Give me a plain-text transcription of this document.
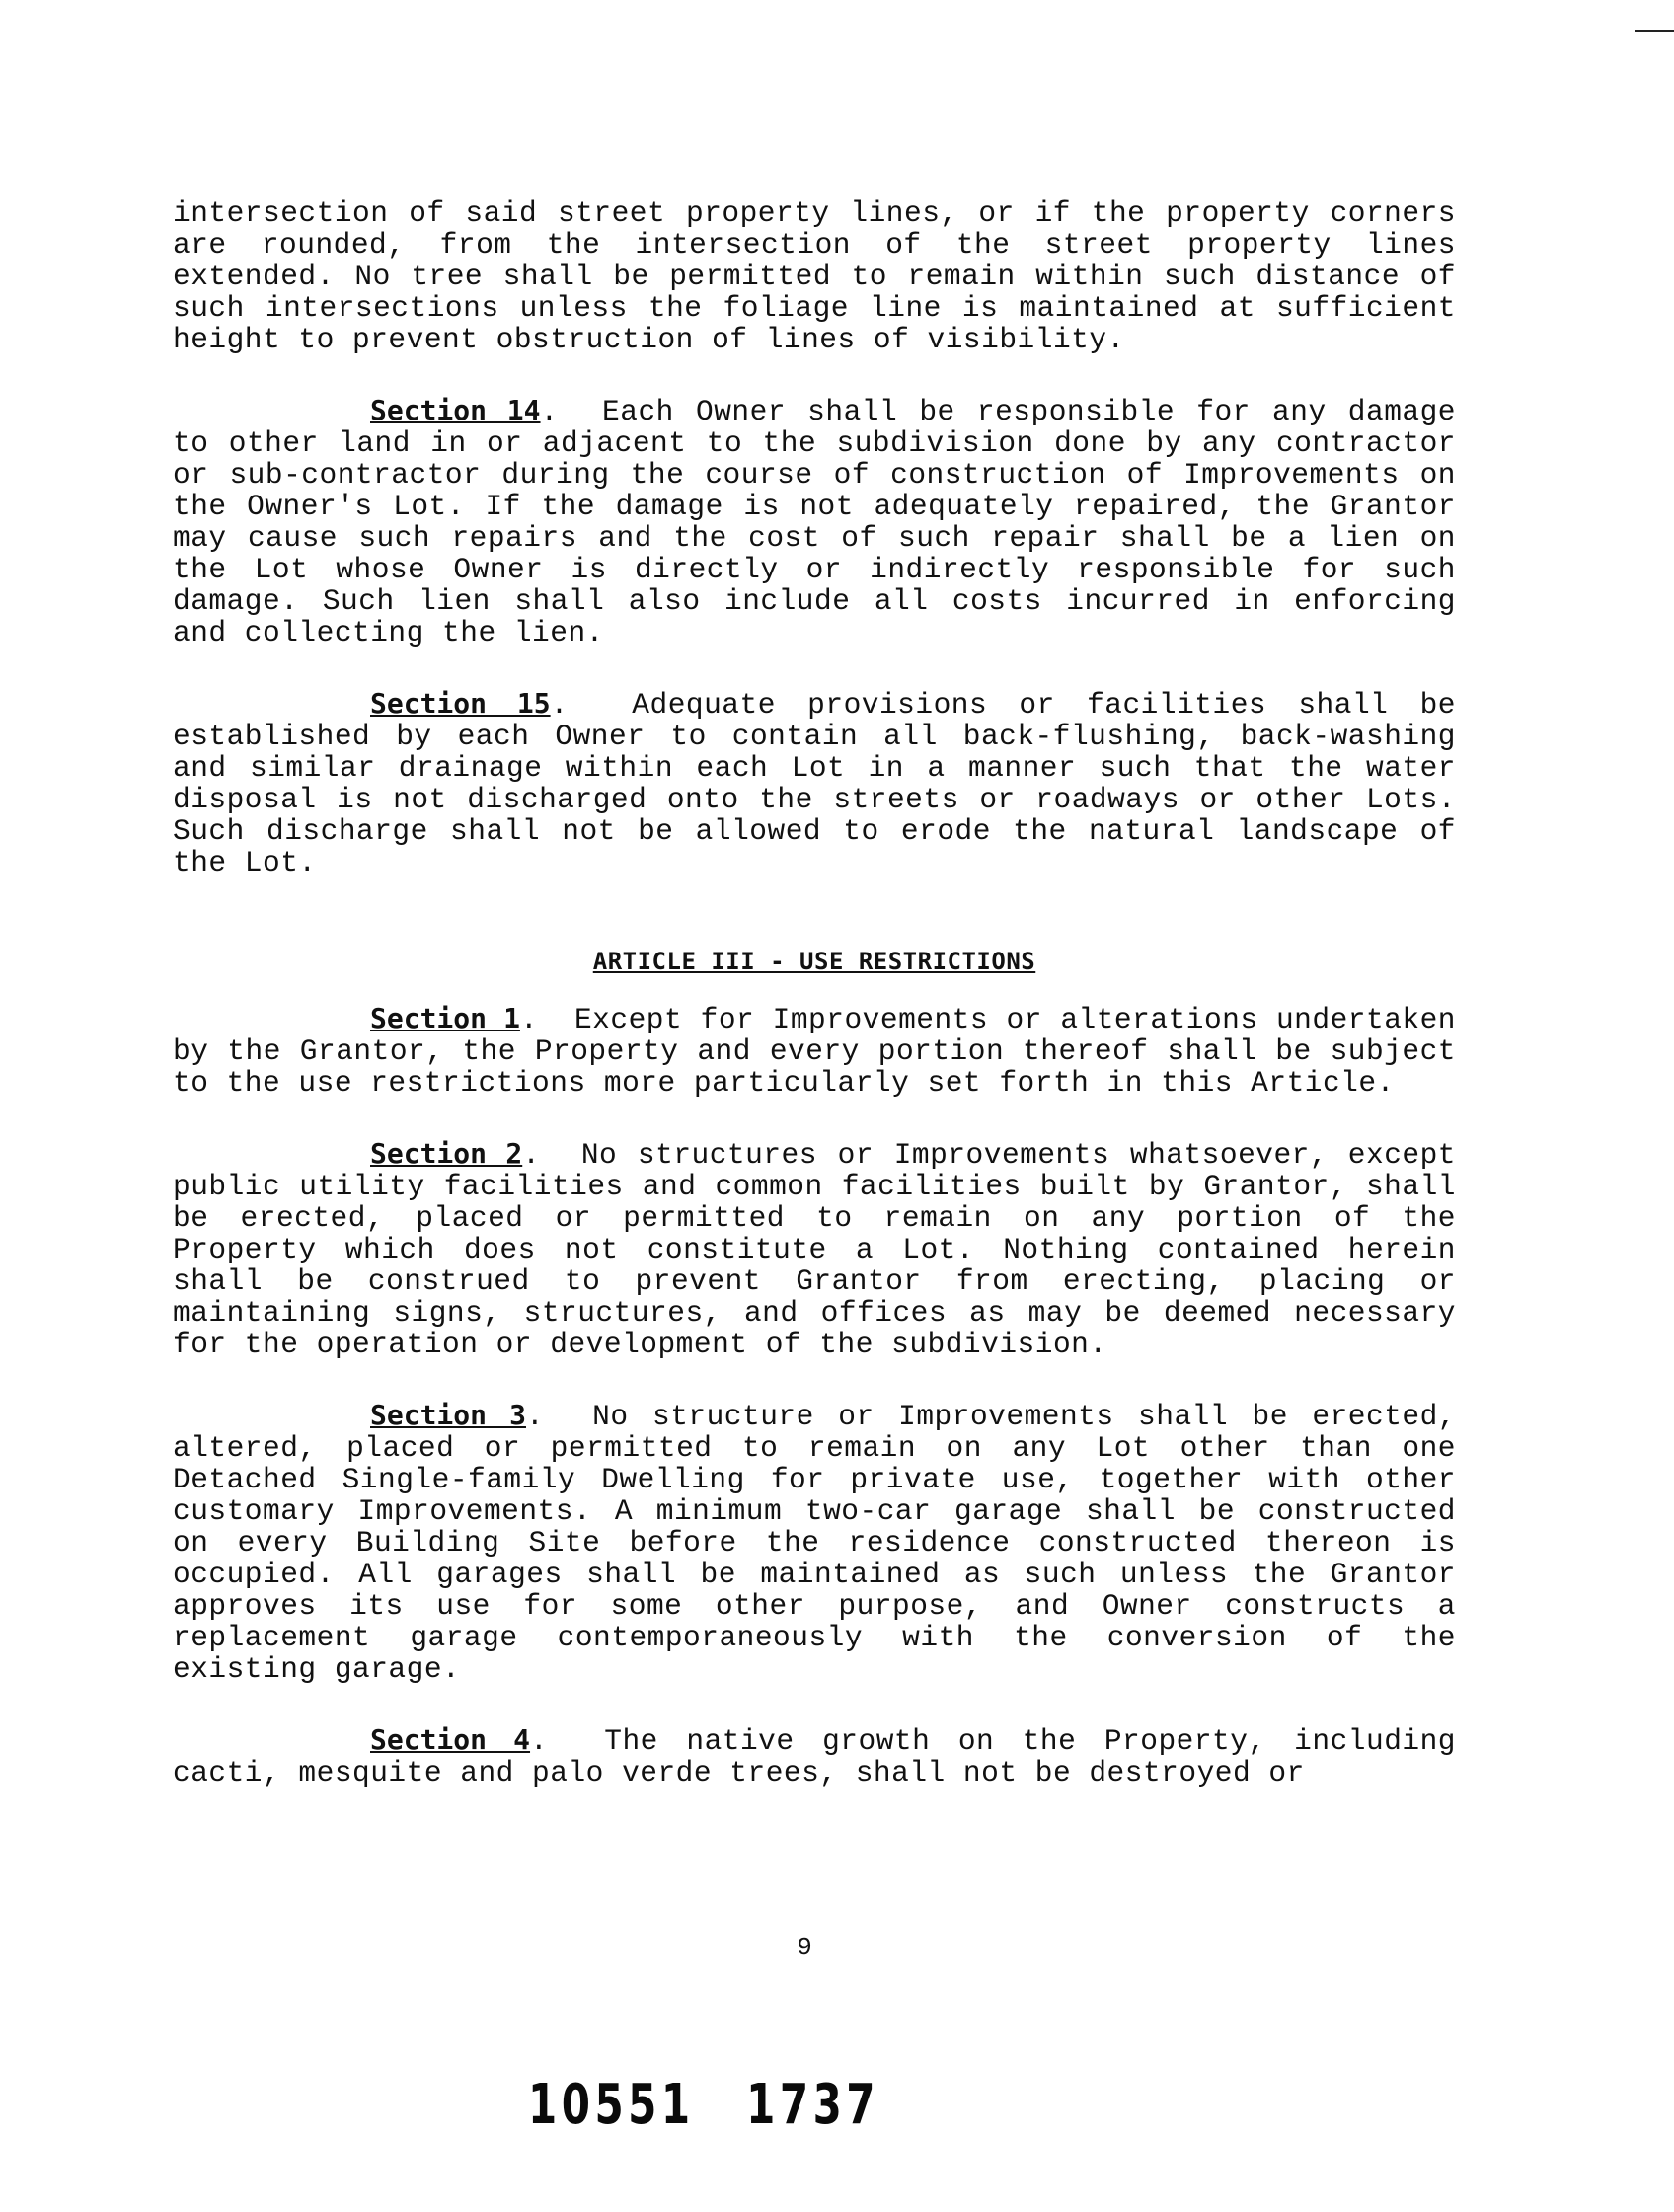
intersection of said street property lines, or if the property corners are rounded, from the intersection of the street property lines extended. No tree shall be permitted to remain within such distance of such intersections unless the foliage line is maintained at sufficient height to prevent obstruction of lines of visibility.

Section 14.  Each Owner shall be responsible for any damage to other land in or adjacent to the subdivision done by any contractor or sub-contractor during the course of construction of Improvements on the Owner's Lot. If the damage is not adequately repaired, the Grantor may cause such repairs and the cost of such repair shall be a lien on the Lot whose Owner is directly or indirectly responsible for such damage. Such lien shall also include all costs incurred in enforcing and collecting the lien.

Section 15.  Adequate provisions or facilities shall be established by each Owner to contain all back-flushing, back-washing and similar drainage within each Lot in a manner such that the water disposal is not discharged onto the streets or roadways or other Lots. Such discharge shall not be allowed to erode the natural landscape of the Lot.

ARTICLE III - USE RESTRICTIONS

Section 1.  Except for Improvements or alterations undertaken by the Grantor, the Property and every portion thereof shall be subject to the use restrictions more particularly set forth in this Article.

Section 2.  No structures or Improvements whatsoever, except public utility facilities and common facilities built by Grantor, shall be erected, placed or permitted to remain on any portion of the Property which does not constitute a Lot. Nothing contained herein shall be construed to prevent Grantor from erecting, placing or maintaining signs, structures, and offices as may be deemed necessary for the operation or development of the subdivision.

Section 3.  No structure or Improvements shall be erected, altered, placed or permitted to remain on any Lot other than one Detached Single-family Dwelling for private use, together with other customary Improvements. A minimum two-car garage shall be constructed on every Building Site before the residence constructed thereon is occupied. All garages shall be maintained as such unless the Grantor approves its use for some other purpose, and Owner constructs a replacement garage contemporaneously with the conversion of the existing garage.

Section 4.  The native growth on the Property, including cacti, mesquite and palo verde trees, shall not be destroyed or

9
10551 1737
